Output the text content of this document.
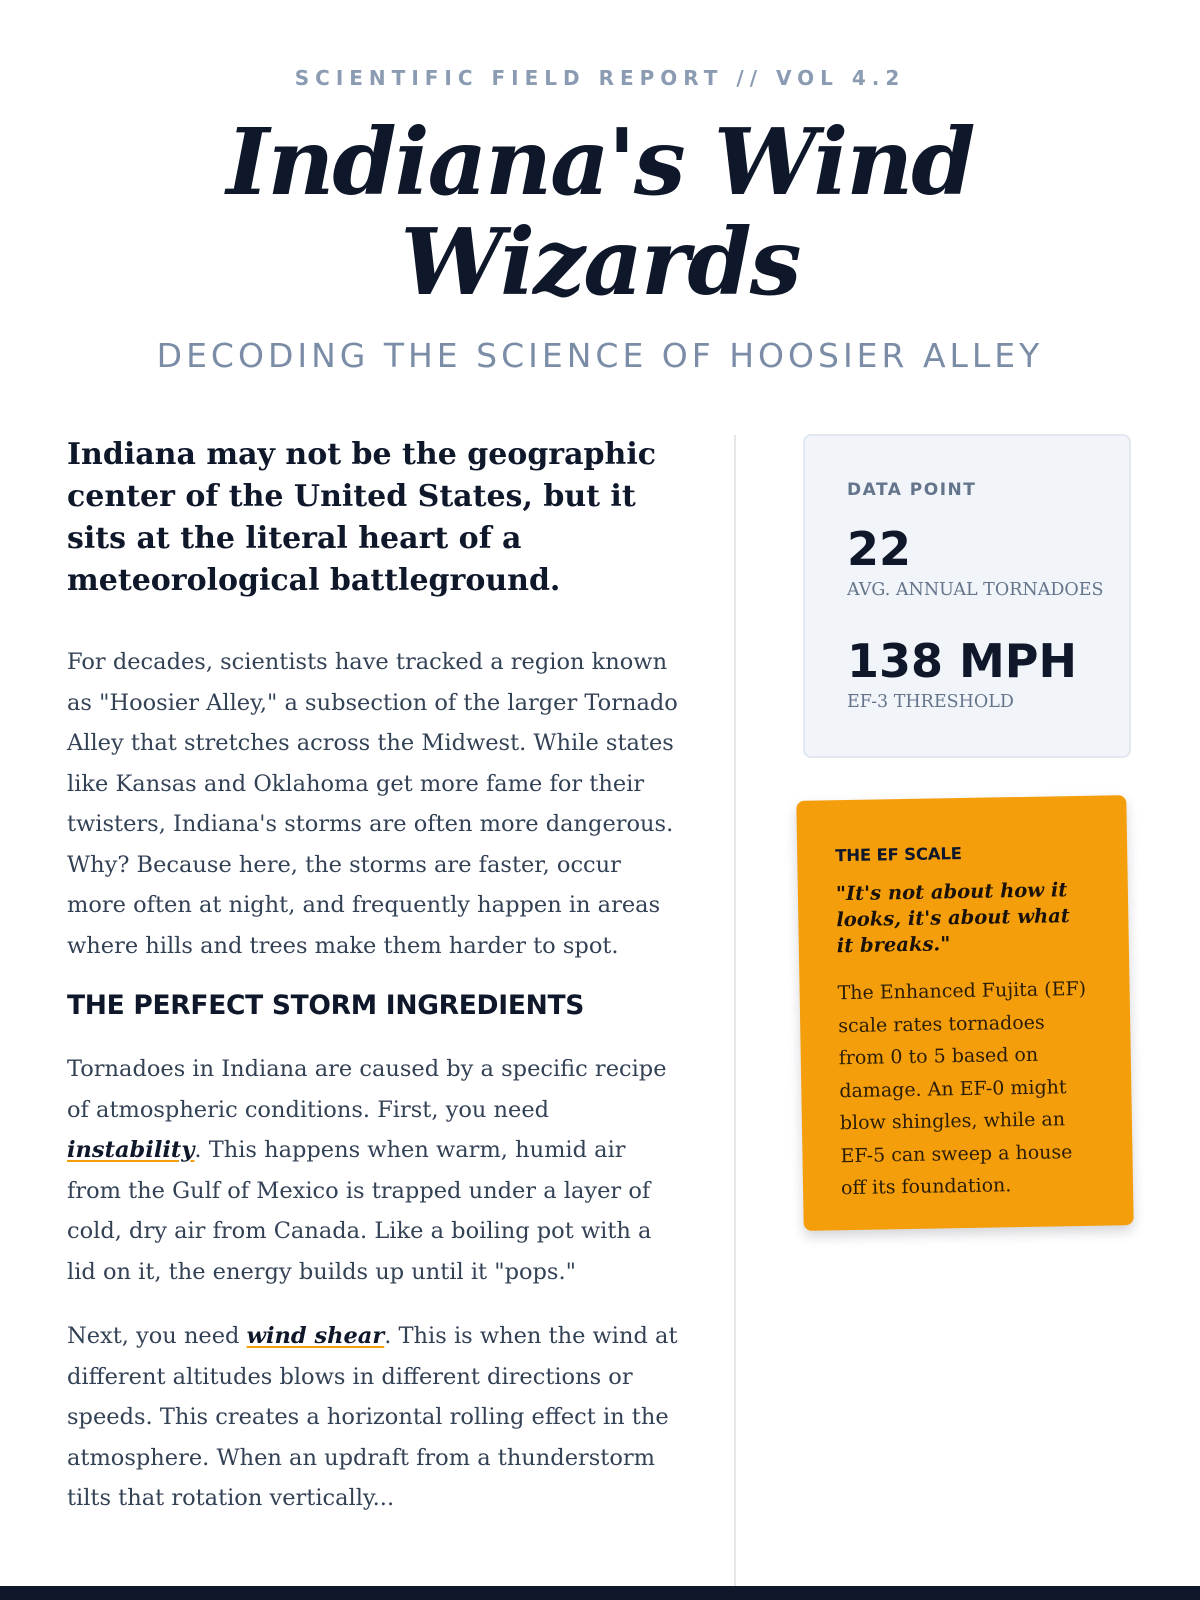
SCIENTIFIC FIELD REPORT // VOL 4.2
Indiana's Wind
Wizards
DECODING THE SCIENCE OF HOOSIER ALLEY

Indiana may not be the geographic center of the United States, but it sits at the literal heart of a meteorological battleground.

For decades, scientists have tracked a region known as "Hoosier Alley," a subsection of the larger Tornado Alley that stretches across the Midwest. While states like Kansas and Oklahoma get more fame for their twisters, Indiana's storms are often more dangerous. Why? Because here, the storms are faster, occur more often at night, and frequently happen in areas where hills and trees make them harder to spot.

THE PERFECT STORM INGREDIENTS

Tornadoes in Indiana are caused by a specific recipe of atmospheric conditions. First, you need instability. This happens when warm, humid air from the Gulf of Mexico is trapped under a layer of cold, dry air from Canada. Like a boiling pot with a lid on it, the energy builds up until it "pops."

Next, you need wind shear. This is when the wind at different altitudes blows in different directions or speeds. This creates a horizontal rolling effect in the atmosphere. When an updraft from a thunderstorm tilts that rotation vertically...

DATA POINT
22
AVG. ANNUAL TORNADOES
138 MPH
EF-3 THRESHOLD
THE EF SCALE
"It's not about how it looks, it's about what it breaks."
The Enhanced Fujita (EF) scale rates tornadoes from 0 to 5 based on damage. An EF-0 might blow shingles, while an EF-5 can sweep a house off its foundation.
